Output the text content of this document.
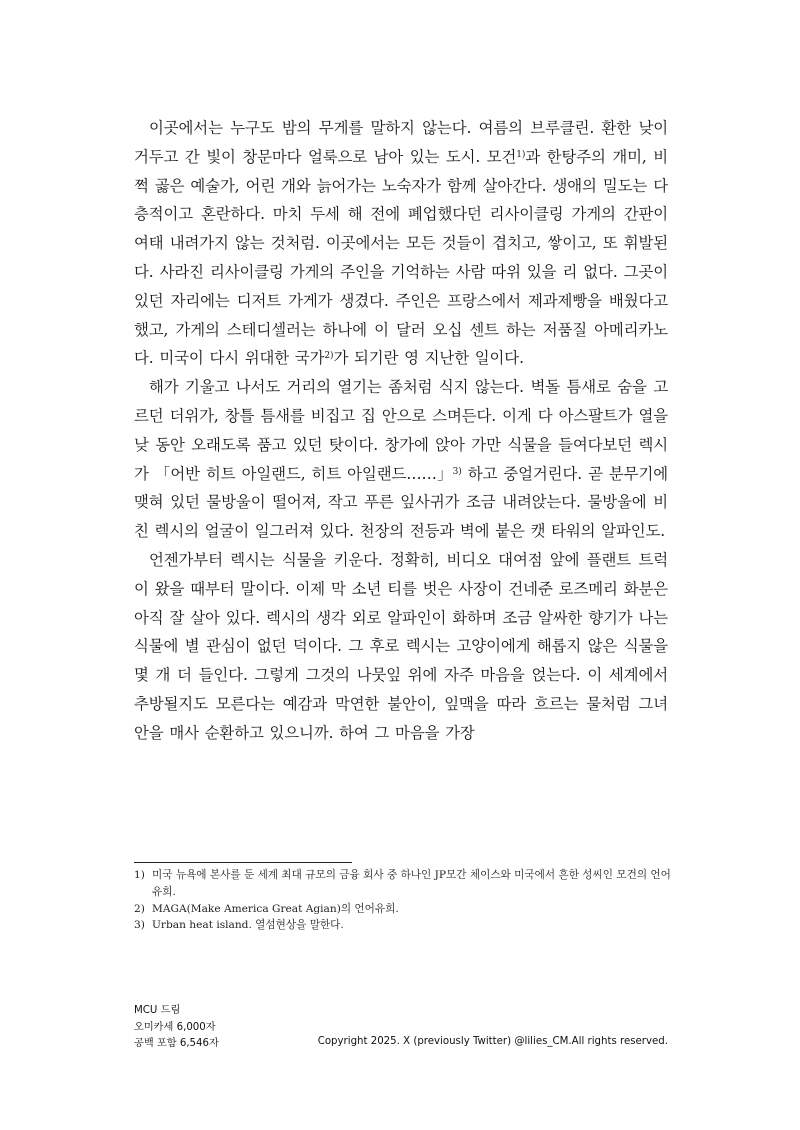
이곳에서는 누구도 밤의 무게를 말하지 않는다. 여름의 브루클린. 환한 낮이 거두고 간 빛이 창문마다 얼룩으로 남아 있는 도시. 모건$^{1)}$과 한탕주의 개미, 비쩍 곯은 예술가, 어린 개와 늙어가는 노숙자가 함께 살아간다. 생애의 밀도는 다층적이고 혼란하다. 마치 두세 해 전에 폐업했다던 리사이클링 가게의 간판이 여태 내려가지 않는 것처럼. 이곳에서는 모든 것들이 겹치고, 쌓이고, 또 휘발된다. 사라진 리사이클링 가게의 주인을 기억하는 사람 따위 있을 리 없다. 그곳이 있던 자리에는 디저트 가게가 생겼다. 주인은 프랑스에서 제과제빵을 배웠다고 했고, 가게의 스테디셀러는 하나에 이 달러 오십 센트 하는 저품질 아메리카노다. 미국이 다시 위대한 국가$^{2)}$가 되기란 영 지난한 일이다.

해가 기울고 나서도 거리의 열기는 좀처럼 식지 않는다. 벽돌 틈새로 숨을 고르던 더위가, 창틀 틈새를 비집고 집 안으로 스며든다. 이게 다 아스팔트가 열을 낮 동안 오래도록 품고 있던 탓이다. 창가에 앉아 가만 식물을 들여다보던 렉시가 「어반 히트 아일랜드, 히트 아일랜드……」$^{3)}$ 하고 중얼거린다. 곧 분무기에 맺혀 있던 물방울이 떨어져, 작고 푸른 잎사귀가 조금 내려앉는다. 물방울에 비친 렉시의 얼굴이 일그러져 있다. 천장의 전등과 벽에 붙은 캣 타워의 알파인도.

언젠가부터 렉시는 식물을 키운다. 정확히, 비디오 대여점 앞에 플랜트 트럭이 왔을 때부터 말이다. 이제 막 소년 티를 벗은 사장이 건네준 로즈메리 화분은 아직 잘 살아 있다. 렉시의 생각 외로 알파인이 화하며 조금 알싸한 향기가 나는 식물에 별 관심이 없던 덕이다. 그 후로 렉시는 고양이에게 해롭지 않은 식물을 몇 개 더 들인다. 그렇게 그것의 나뭇잎 위에 자주 마음을 얹는다. 이 세계에서 추방될지도 모른다는 예감과 막연한 불안이, 잎맥을 따라 흐르는 물처럼 그녀 안을 매사 순환하고 있으니까. 하여 그 마음을 가장

1) 미국 뉴욕에 본사를 둔 세계 최대 규모의 금융 회사 중 하나인 JP모간 체이스와 미국에서 흔한 성씨인 모건의 언어유희.

2) MAGA(Make America Great Agian)의 언어유희.

3) Urban heat island. 열섬현상을 말한다.

MCU 드림
오미카세 6,000자
공백 포함 6,546자	Copyright 2025. X (previously Twitter) @lilies_CM.All rights reserved.
